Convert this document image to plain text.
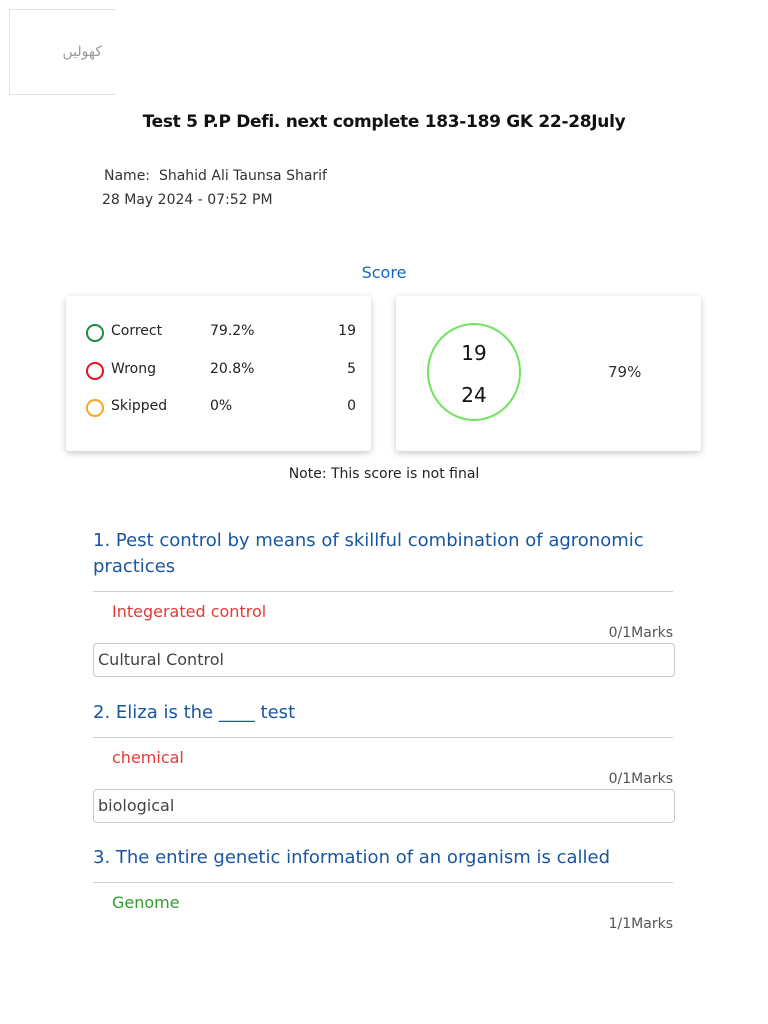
کھولیں
Test 5 P.P Defi. next complete 183-189 GK 22-28July
Name: Shahid Ali Taunsa Sharif
28 May 2024 - 07:52 PM
Score
Correct	79.2%	19
Wrong	20.8%	5
Skipped	0%	0
19
24
79%
Note: This score is not final
1. Pest control by means of skillful combination of agronomic practices
Integerated control
0/1Marks
Cultural Control
2. Eliza is the ____ test
chemical
0/1Marks
biological
3. The entire genetic information of an organism is called
Genome
1/1Marks
